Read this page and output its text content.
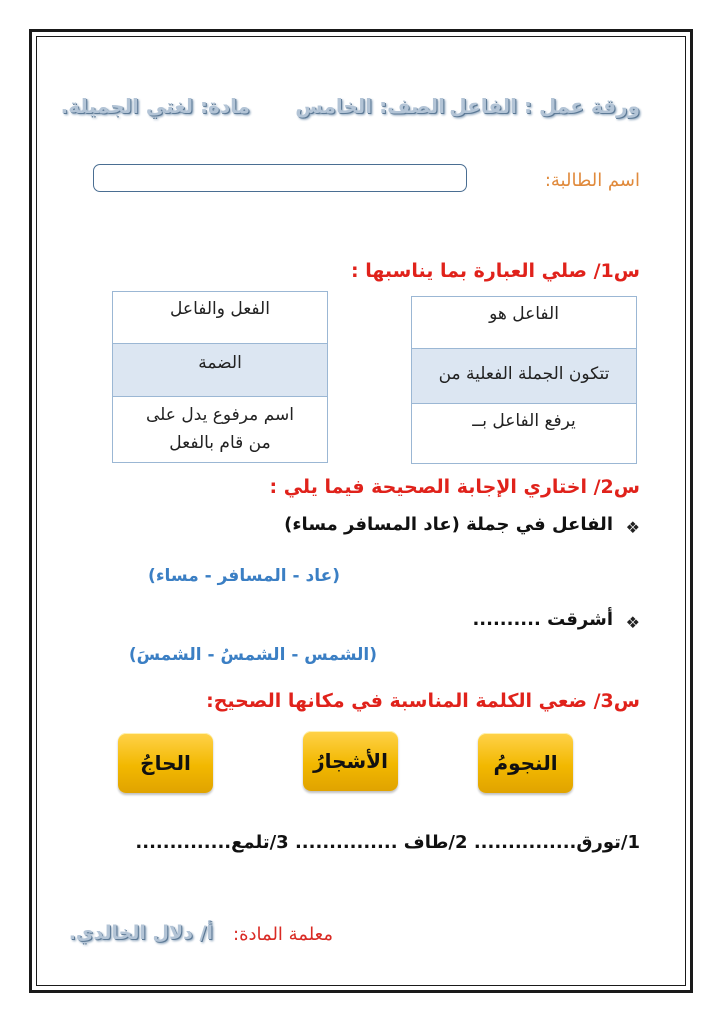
ورقة عمل : الفاعل
الصف: الخامس
مادة: لغتي الجميلة.
اسم الطالبة:
س1/ صلي العبارة بما يناسبها :
الفاعل هو
تتكون الجملة الفعلية من
يرفع الفاعل بــ
الفعل والفاعل
الضمة
اسم مرفوع يدل على
من قام بالفعل
س2/ اختاري الإجابة الصحيحة فيما يلي :
❖
الفاعل في جملة (عاد المسافر مساء)
(عاد - المسافر - مساء)
❖
أشرقت ..........
(الشمس - الشمسُ - الشمسَ)
س3/ ضعي الكلمة المناسبة في مكانها الصحيح:
النجومُ
الأشجارُ
الحاجُ
1/تورق............... 2/طاف ............... 3/تلمع..............
معلمة المادة:
أ/ دلال الخالدي.
